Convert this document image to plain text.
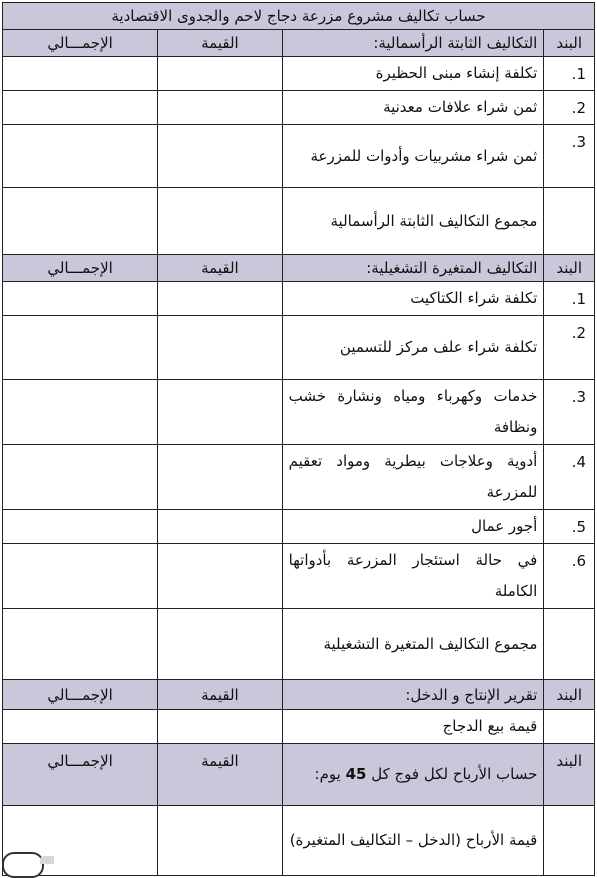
حساب تكاليف مشروع مزرعة دجاج لاحم والجدوى الاقتصادية			
البند	التكاليف الثابتة الرأسمالية:	القيمة	الإجمـــالي
1.	تكلفة إنشاء مبنى الحظيرة		
2.	ثمن شراء علافات معدنية		
3.	ثمن شراء مشربيات وأدوات للمزرعة		
	مجموع التكاليف الثابتة الرأسمالية		
البند	التكاليف المتغيرة التشغيلية:	القيمة	الإجمـــالي
1.	تكلفة شراء الكتاكيت		
2.	تكلفة شراء علف مركز للتسمين		
3.	خدمات وكهرباء ومياه ونشارة خشب ونظافة		
4.	أدوية وعلاجات بيطرية ومواد تعقيم للمزرعة		
5.	أجور عمال		
6.	في حالة استئجار المزرعة بأدواتها الكاملة		
	مجموع التكاليف المتغيرة التشغيلية		
البند	تقرير الإنتاج و الدخل:	القيمة	الإجمـــالي
	قيمة بيع الدجاج		
البند	حساب الأرباح لكل فوج كل 45 يوم:	القيمة	الإجمـــالي
	قيمة الأرباح (الدخل – التكاليف المتغيرة)		
